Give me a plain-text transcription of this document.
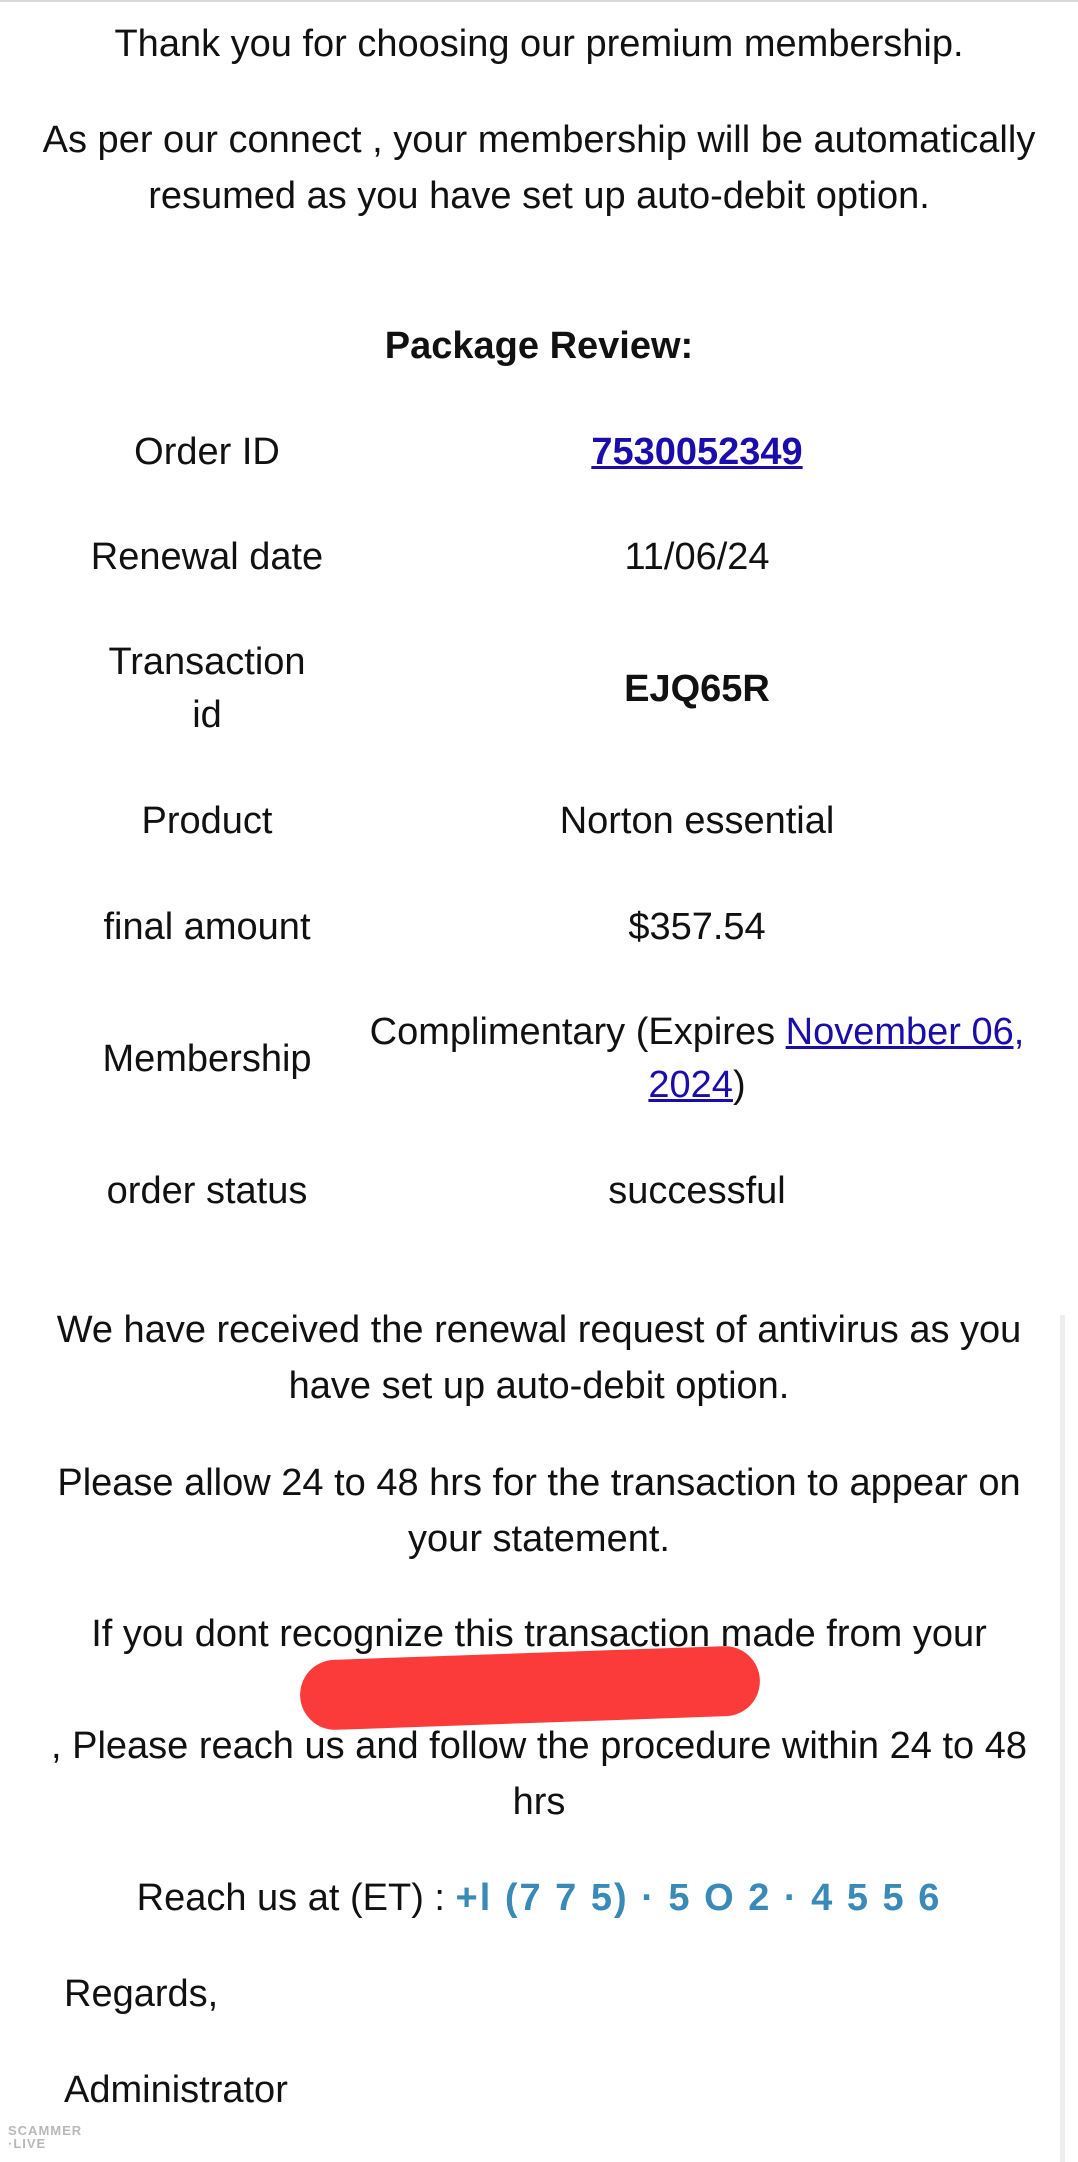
Thank you for choosing our premium membership.

As per our connect , your membership will be automatically resumed as you have set up auto-debit option.

Package Review:

Order ID	7530052349
Renewal date	11/06/24
Transaction id	EJQ65R
Product	Norton essential
final amount	$357.54
Membership	Complimentary (Expires November 06, 2024)
order status	successful

We have received the renewal request of antivirus as you have set up auto-debit option.

Please allow 24 to 48 hrs for the transaction to appear on your statement.

If you dont recognize this transaction made from your

, Please reach us and follow the procedure within 24 to 48 hrs

Reach us at (ET) : +l (7 7 5) · 5 O 2 · 4 5 5 6

Regards,

Administrator

SCAMMER
·LIVE
